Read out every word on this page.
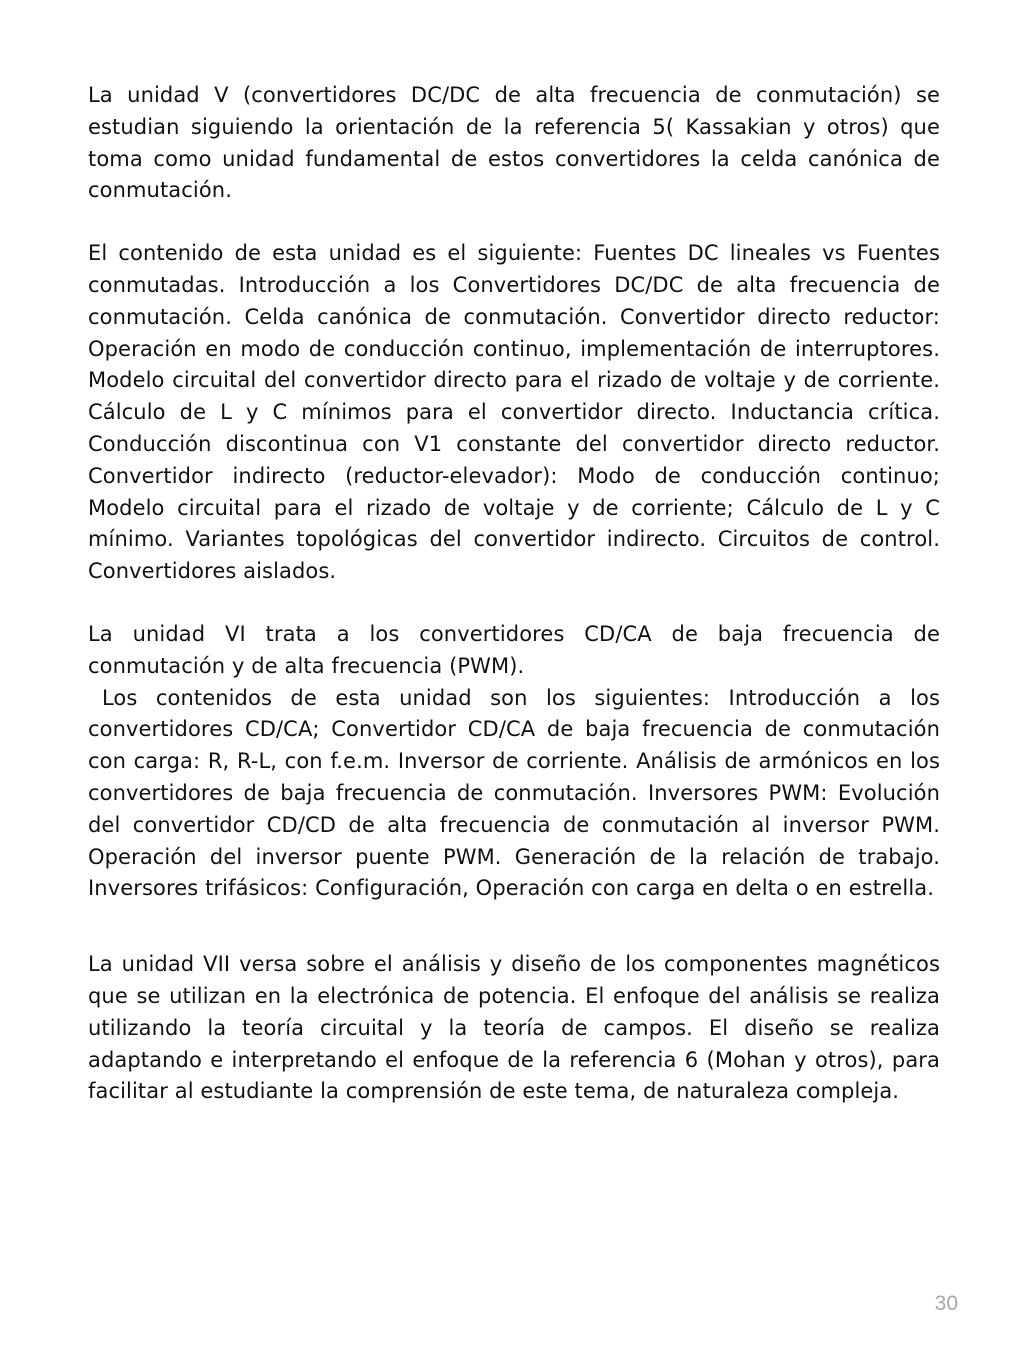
La unidad V (convertidores DC/DC de alta frecuencia de conmutación) se estudian siguiendo la orientación de la referencia 5( Kassakian y otros) que toma como unidad fundamental de estos convertidores la celda canónica de conmutación.

El contenido de esta unidad es el siguiente: Fuentes DC lineales vs Fuentes conmutadas. Introducción a los Convertidores DC/DC de alta frecuencia de conmutación. Celda canónica de conmutación. Convertidor directo reductor: Operación en modo de conducción continuo, implementación de interruptores. Modelo circuital del convertidor directo para el rizado de voltaje y de corriente. Cálculo de L y C mínimos para el convertidor directo. Inductancia crítica. Conducción discontinua con V1 constante del convertidor directo reductor. Convertidor indirecto (reductor-elevador): Modo de conducción continuo; Modelo circuital para el rizado de voltaje y de corriente; Cálculo de L y C mínimo. Variantes topológicas del convertidor indirecto. Circuitos de control. Convertidores aislados.

La unidad VI trata a los convertidores CD/CA de baja frecuencia de conmutación y de alta frecuencia (PWM).

Los contenidos de esta unidad son los siguientes: Introducción a los convertidores CD/CA; Convertidor CD/CA de baja frecuencia de conmutación con carga: R, R-L, con f.e.m. Inversor de corriente. Análisis de armónicos en los convertidores de baja frecuencia de conmutación. Inversores PWM: Evolución del convertidor CD/CD de alta frecuencia de conmutación al inversor PWM. Operación del inversor puente PWM. Generación de la relación de trabajo. Inversores trifásicos: Configuración, Operación con carga en delta o en estrella.

La unidad VII versa sobre el análisis y diseño de los componentes magnéticos que se utilizan en la electrónica de potencia. El enfoque del análisis se realiza utilizando la teoría circuital y la teoría de campos. El diseño se realiza adaptando e interpretando el enfoque de la referencia 6 (Mohan y otros), para facilitar al estudiante la comprensión de este tema, de naturaleza compleja.

30
